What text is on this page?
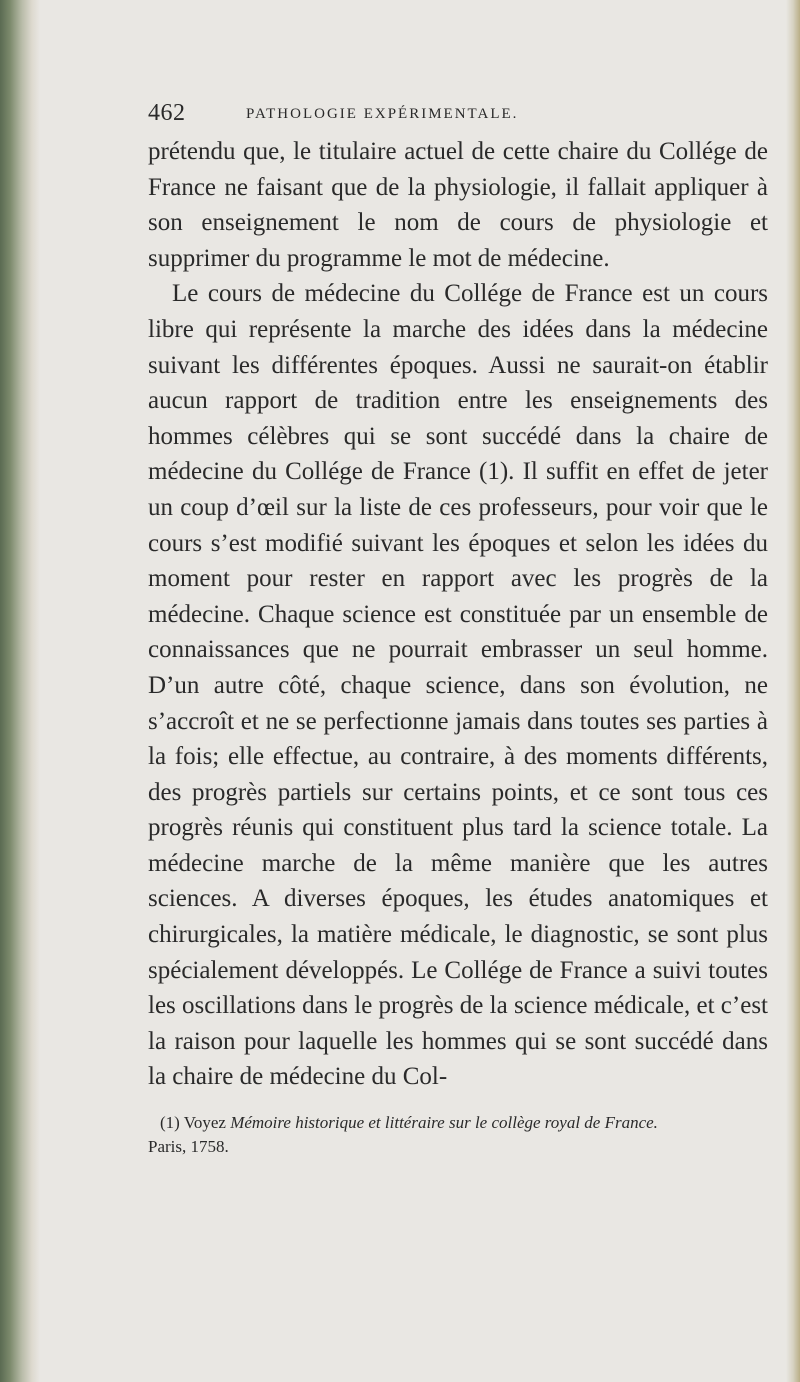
462	PATHOLOGIE EXPÉRIMENTALE.

prétendu que, le titulaire actuel de cette chaire du Collége de France ne faisant que de la physiologie, il fallait appliquer à son enseignement le nom de cours de physiologie et supprimer du programme le mot de médecine.

Le cours de médecine du Collége de France est un cours libre qui représente la marche des idées dans la médecine suivant les différentes époques. Aussi ne saurait-on établir aucun rapport de tradition entre les enseignements des hommes célèbres qui se sont succédé dans la chaire de médecine du Collége de France (1). Il suffit en effet de jeter un coup d’œil sur la liste de ces professeurs, pour voir que le cours s’est modifié suivant les époques et selon les idées du moment pour rester en rapport avec les progrès de la médecine. Chaque science est constituée par un ensemble de connaissances que ne pourrait embrasser un seul homme. D’un autre côté, chaque science, dans son évolution, ne s’accroît et ne se perfectionne jamais dans toutes ses parties à la fois; elle effectue, au contraire, à des moments différents, des progrès partiels sur certains points, et ce sont tous ces progrès réunis qui constituent plus tard la science totale. La médecine marche de la même manière que les autres sciences. A diverses époques, les études anatomiques et chirurgicales, la matière médicale, le diagnostic, se sont plus spécialement développés. Le Collége de France a suivi toutes les oscillations dans le progrès de la science médicale, et c’est la raison pour laquelle les hommes qui se sont succédé dans la chaire de médecine du Col-

(1) Voyez Mémoire historique et littéraire sur le collège royal de France.

Paris, 1758.
